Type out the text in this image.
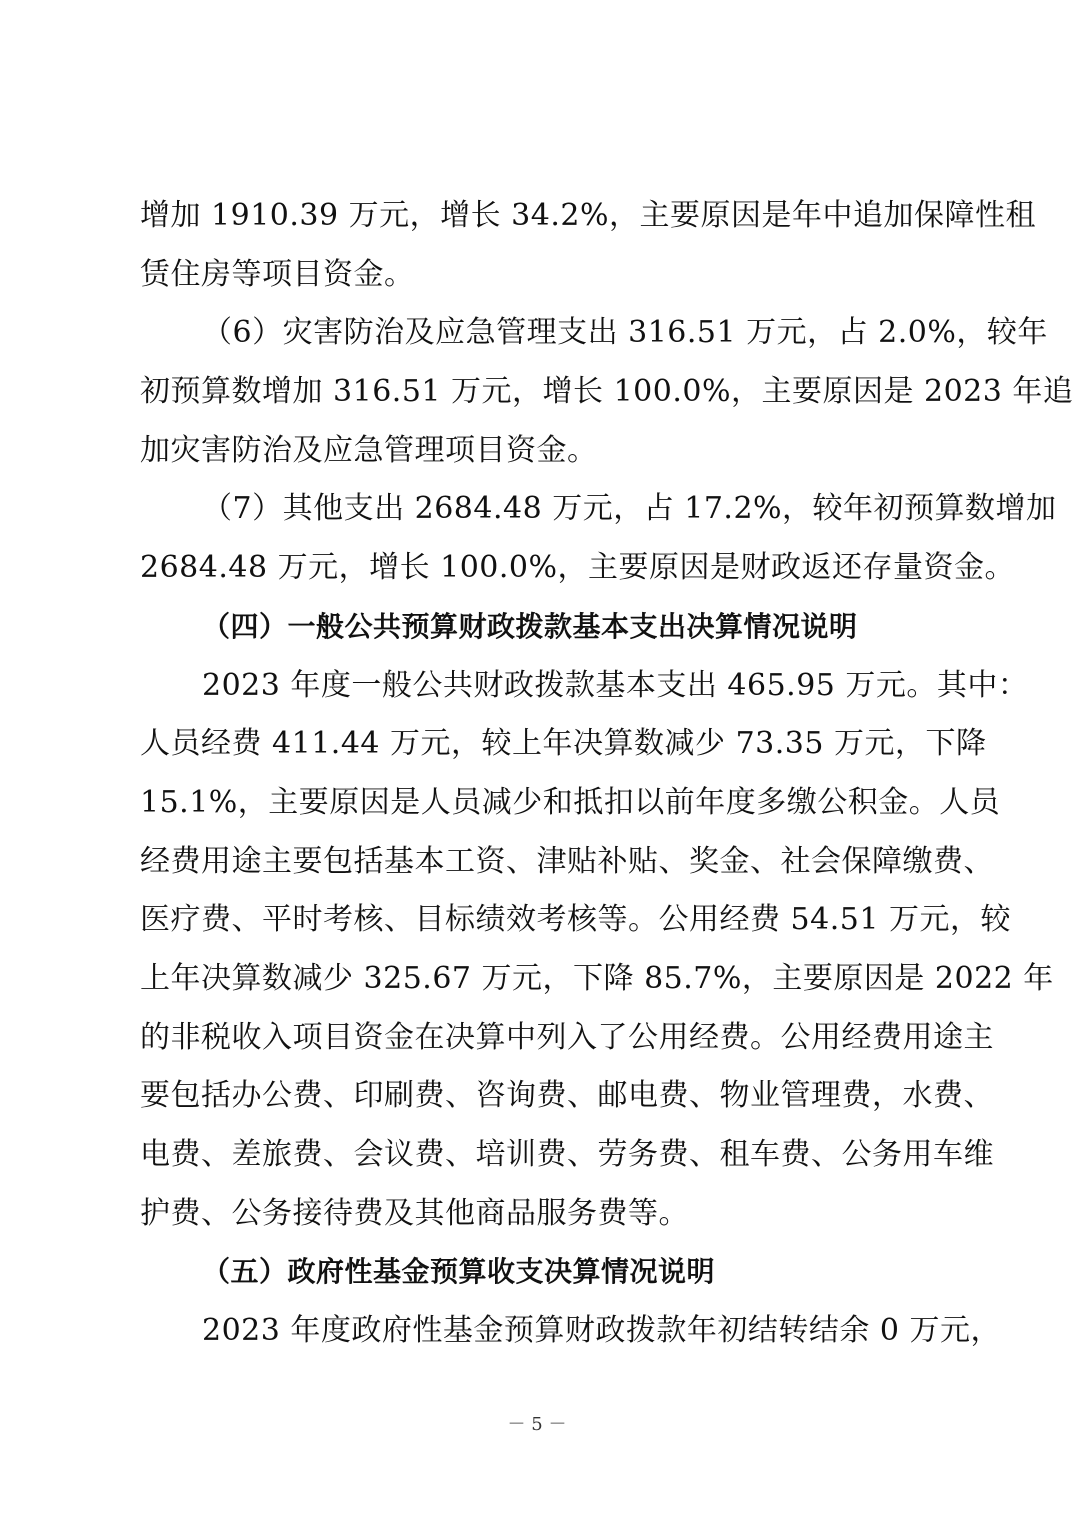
增加 1910.39 万元，增长 34.2%，主要原因是年中追加保障性租
赁住房等项目资金。
（6）灾害防治及应急管理支出 316.51 万元，占 2.0%，较年
初预算数增加 316.51 万元，增长 100.0%，主要原因是 2023 年追
加灾害防治及应急管理项目资金。
（7）其他支出 2684.48 万元，占 17.2%，较年初预算数增加
2684.48 万元，增长 100.0%，主要原因是财政返还存量资金。
（四）一般公共预算财政拨款基本支出决算情况说明
2023 年度一般公共财政拨款基本支出 465.95 万元。其中：
人员经费 411.44 万元，较上年决算数减少 73.35 万元，下降
15.1%，主要原因是人员减少和抵扣以前年度多缴公积金。人员
经费用途主要包括基本工资、津贴补贴、奖金、社会保障缴费、
医疗费、平时考核、目标绩效考核等。公用经费 54.51 万元，较
上年决算数减少 325.67 万元，下降 85.7%，主要原因是 2022 年
的非税收入项目资金在决算中列入了公用经费。公用经费用途主
要包括办公费、印刷费、咨询费、邮电费、物业管理费，水费、
电费、差旅费、会议费、培训费、劳务费、租车费、公务用车维
护费、公务接待费及其他商品服务费等。
（五）政府性基金预算收支决算情况说明
2023 年度政府性基金预算财政拨款年初结转结余 0 万元，
－ 5 －
